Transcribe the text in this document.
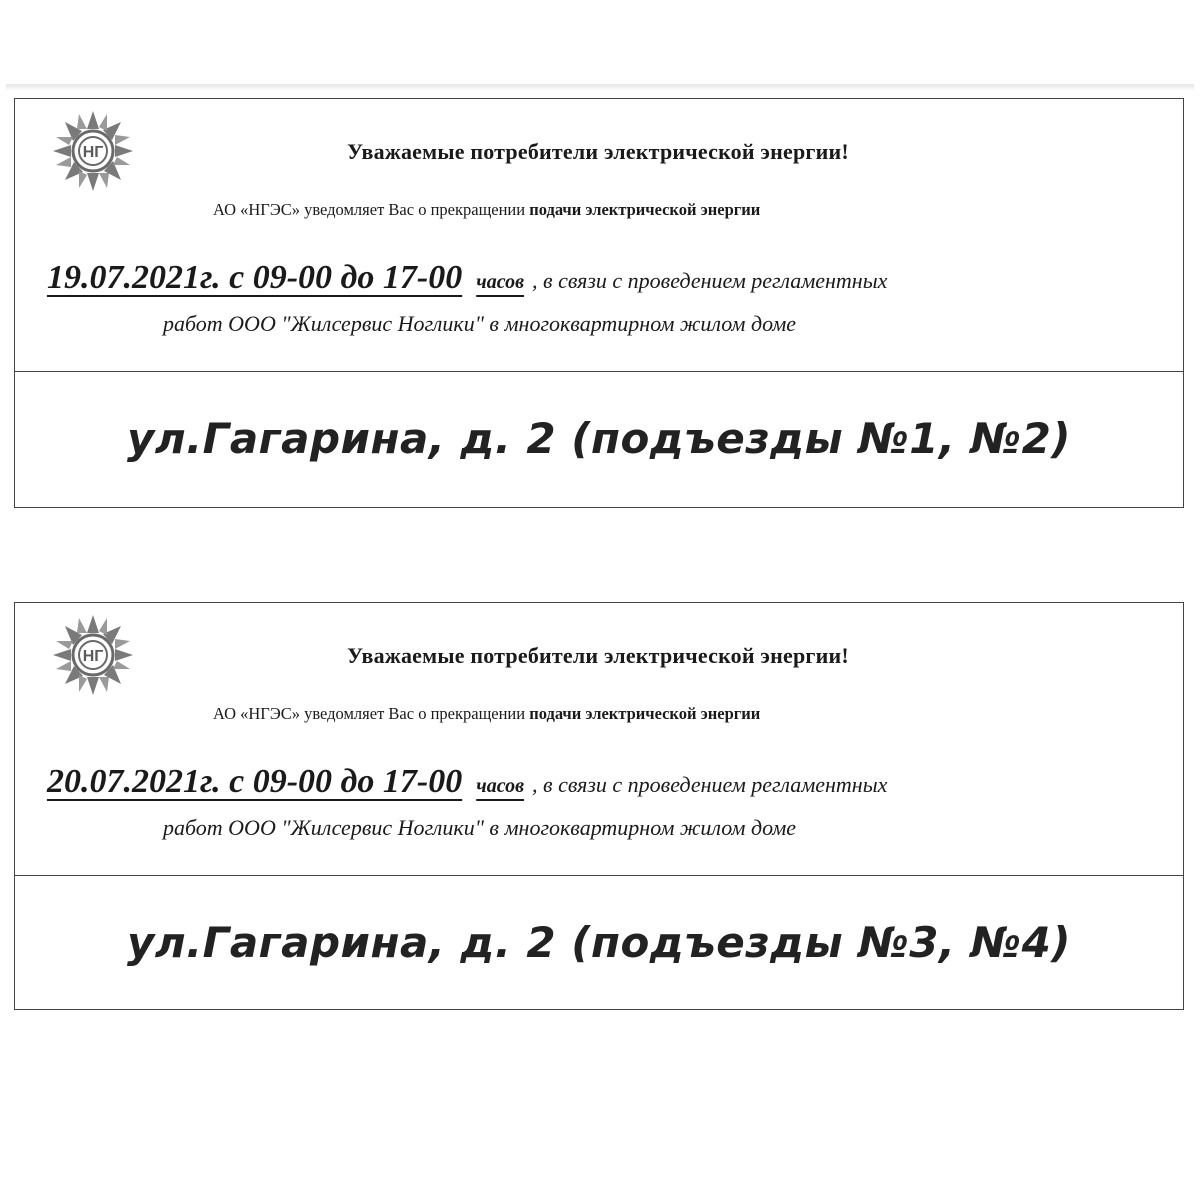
НГ	Уважаемые потребители электрической энергии!

АО «НГЭС» уведомляет Вас о прекращении подачи электрической энергии

19.07.2021г. с 09-00 до 17-00 часов , в связи с проведением регламентных

работ ООО "Жилсервис Ноглики" в многоквартирном жилом доме

ул.Гагарина, д. 2 (подъезды №1, №2)

НГ	Уважаемые потребители электрической энергии!

АО «НГЭС» уведомляет Вас о прекращении подачи электрической энергии

20.07.2021г. с 09-00 до 17-00 часов , в связи с проведением регламентных

работ ООО "Жилсервис Ноглики" в многоквартирном жилом доме

ул.Гагарина, д. 2 (подъезды №3, №4)
